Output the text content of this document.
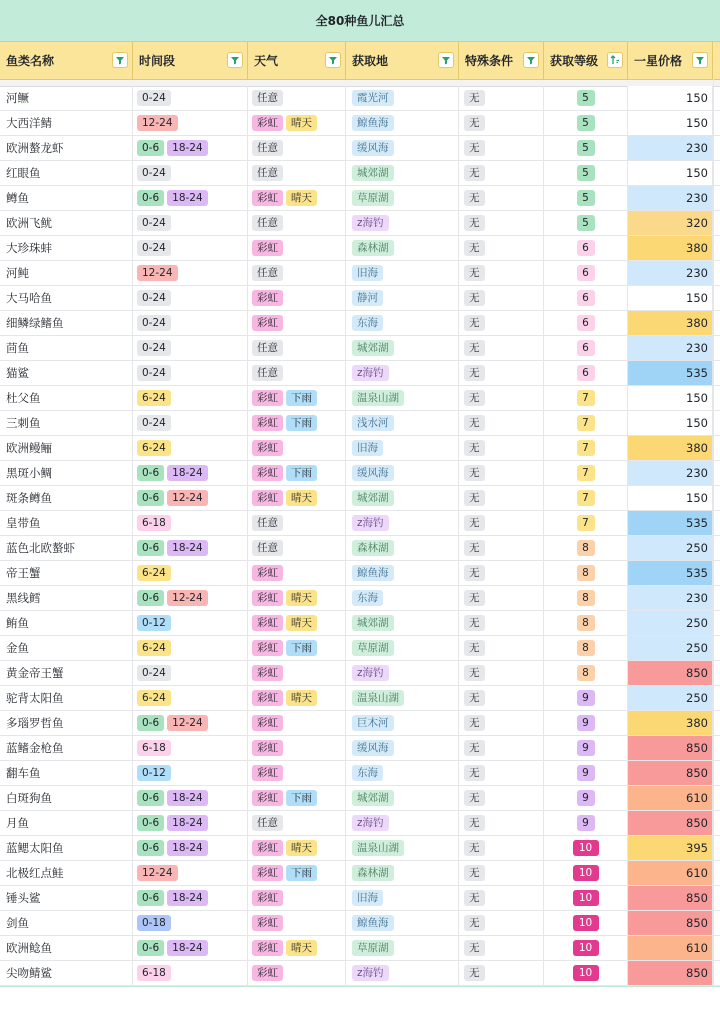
全80种鱼儿汇总
鱼类名称	时间段	天气	获取地	特殊条件	获取等级	一星价格
河鳜	0-24	任意	霞光河	无	5	150
大西洋鲭	12-24	彩虹	晴天	鲸鱼海	无	5	150
欧洲螯龙虾	0-6	18-24	任意	缓风海	无	5	230
红眼鱼	0-24	任意	城郊湖	无	5	150
鳟鱼	0-6	18-24	彩虹	晴天	草原湖	无	5	230
欧洲飞鱿	0-24	任意	z海钓	无	5	320
大珍珠蚌	0-24	彩虹	森林湖	无	6	380
河鲀	12-24	任意	旧海	无	6	230
大马哈鱼	0-24	彩虹	静河	无	6	150
细鳞绿鳍鱼	0-24	彩虹	东海	无	6	380
茴鱼	0-24	任意	城郊湖	无	6	230
猫鲨	0-24	任意	z海钓	无	6	535
杜父鱼	6-24	彩虹	下雨	温泉山湖	无	7	150
三刺鱼	0-24	彩虹	下雨	浅水河	无	7	150
欧洲鳗鲡	6-24	彩虹	旧海	无	7	380
黑斑小鲷	0-6	18-24	彩虹	下雨	缓风海	无	7	230
斑条鳟鱼	0-6	12-24	彩虹	晴天	城郊湖	无	7	150
皇带鱼	6-18	任意	z海钓	无	7	535
蓝色北欧螯虾	0-6	18-24	任意	森林湖	无	8	250
帝王蟹	6-24	彩虹	鲸鱼海	无	8	535
黑线鳕	0-6	12-24	彩虹	晴天	东海	无	8	230
鲔鱼	0-12	彩虹	晴天	城郊湖	无	8	250
金鱼	6-24	彩虹	下雨	草原湖	无	8	250
黄金帝王蟹	0-24	彩虹	z海钓	无	8	850
驼背太阳鱼	6-24	彩虹	晴天	温泉山湖	无	9	250
多瑙罗哲鱼	0-6	12-24	彩虹	巨木河	无	9	380
蓝鳍金枪鱼	6-18	彩虹	缓风海	无	9	850
翻车鱼	0-12	彩虹	东海	无	9	850
白斑狗鱼	0-6	18-24	彩虹	下雨	城郊湖	无	9	610
月鱼	0-6	18-24	任意	z海钓	无	9	850
蓝鳃太阳鱼	0-6	18-24	彩虹	晴天	温泉山湖	无	10	395
北极红点鲑	12-24	彩虹	下雨	森林湖	无	10	610
锤头鲨	0-6	18-24	彩虹	旧海	无	10	850
剑鱼	0-18	彩虹	鲸鱼海	无	10	850
欧洲鲶鱼	0-6	18-24	彩虹	晴天	草原湖	无	10	610
尖吻鲭鲨	6-18	彩虹	z海钓	无	10	850
